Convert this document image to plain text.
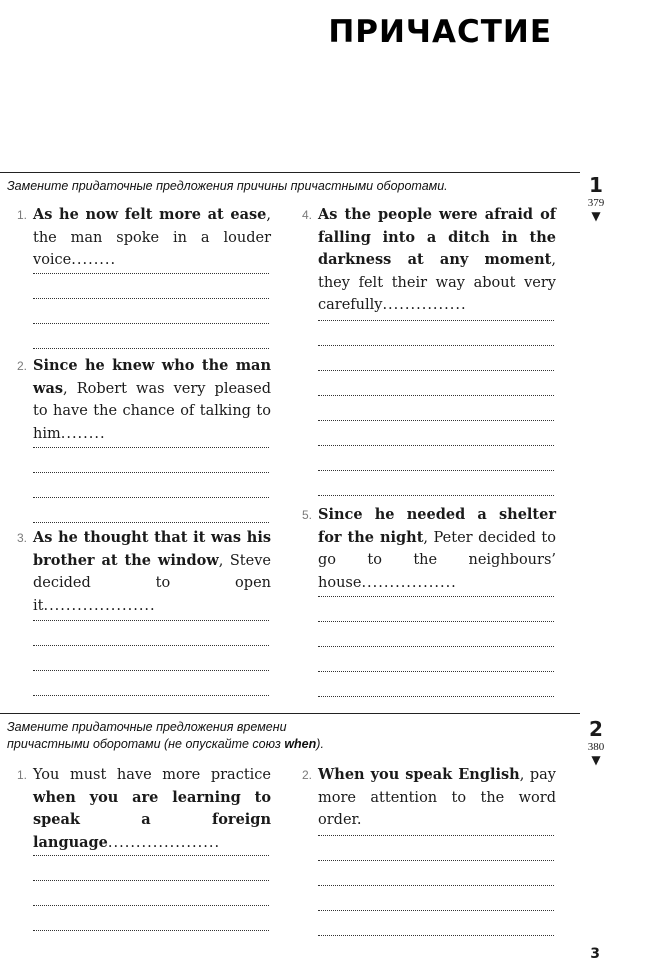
ПРИЧАСТИЕ
Замените придаточные предложения причины причастными оборотами.	1
379
▼

1. As he now felt more at ease, the man spoke in a louder voice........

2. Since he knew who the man was, Robert was very pleased to have the chance of talking to him........

3. As he thought that it was his brother at the window, Steve decided to open it....................

4. As the people were afraid of falling into a ditch in the darkness at any moment, they felt their way about very carefully...............

5. Since he needed a shelter for the night, Peter decided to go to the neighbours’ house.................

Замените придаточные предложения времени
причастными оборотами (не опускайте союз when).
2
380
▼

1. You must have more practice when you are learning to speak a foreign language....................

2. When you speak English, pay more attention to the word order.

3
